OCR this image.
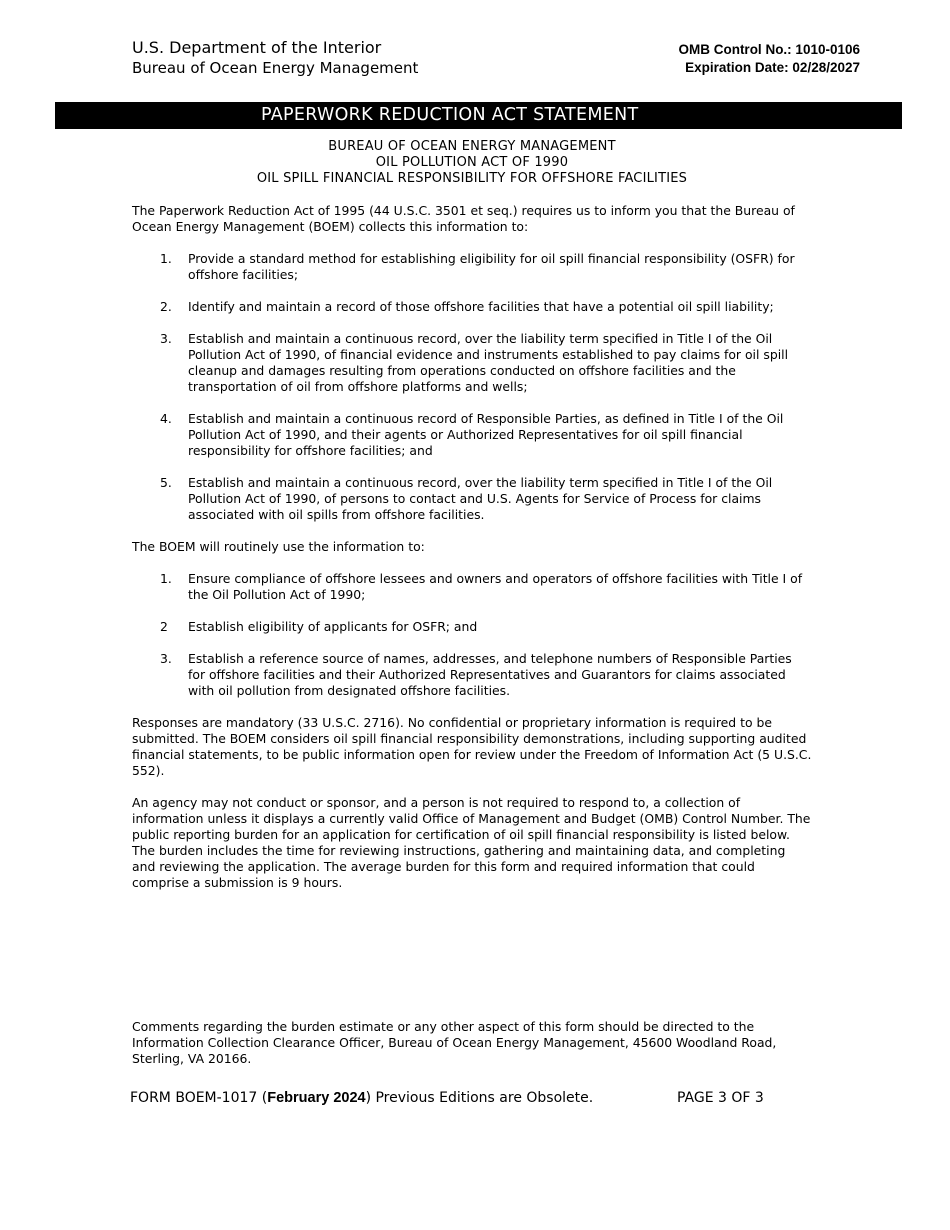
U.S. Department of the Interior
Bureau of Ocean Energy Management
OMB Control No.: 1010-0106
Expiration Date: 02/28/2027
PAPERWORK REDUCTION ACT STATEMENT
BUREAU OF OCEAN ENERGY MANAGEMENT
OIL POLLUTION ACT OF 1990
OIL SPILL FINANCIAL RESPONSIBILITY FOR OFFSHORE FACILITIES

The Paperwork Reduction Act of 1995 (44 U.S.C. 3501 et seq.) requires us to inform you that the Bureau of Ocean Energy Management (BOEM) collects this information to:

1. Provide a standard method for establishing eligibility for oil spill financial responsibility (OSFR) for offshore facilities;
2. Identify and maintain a record of those offshore facilities that have a potential oil spill liability;
3. Establish and maintain a continuous record, over the liability term specified in Title I of the Oil Pollution Act of 1990, of financial evidence and instruments established to pay claims for oil spill cleanup and damages resulting from operations conducted on offshore facilities and the transportation of oil from offshore platforms and wells;
4. Establish and maintain a continuous record of Responsible Parties, as defined in Title I of the Oil Pollution Act of 1990, and their agents or Authorized Representatives for oil spill financial responsibility for offshore facilities; and
5. Establish and maintain a continuous record, over the liability term specified in Title I of the Oil Pollution Act of 1990, of persons to contact and U.S. Agents for Service of Process for claims associated with oil spills from offshore facilities.

The BOEM will routinely use the information to:

1. Ensure compliance of offshore lessees and owners and operators of offshore facilities with Title I of the Oil Pollution Act of 1990;
2 Establish eligibility of applicants for OSFR; and
3. Establish a reference source of names, addresses, and telephone numbers of Responsible Parties for offshore facilities and their Authorized Representatives and Guarantors for claims associated with oil pollution from designated offshore facilities.

Responses are mandatory (33 U.S.C. 2716). No confidential or proprietary information is required to be submitted. The BOEM considers oil spill financial responsibility demonstrations, including supporting audited financial statements, to be public information open for review under the Freedom of Information Act (5 U.S.C. 552).

An agency may not conduct or sponsor, and a person is not required to respond to, a collection of information unless it displays a currently valid Office of Management and Budget (OMB) Control Number. The public reporting burden for an application for certification of oil spill financial responsibility is listed below. The burden includes the time for reviewing instructions, gathering and maintaining data, and completing and reviewing the application. The average burden for this form and required information that could comprise a submission is 9 hours.

Comments regarding the burden estimate or any other aspect of this form should be directed to the Information Collection Clearance Officer, Bureau of Ocean Energy Management, 45600 Woodland Road, Sterling, VA 20166.

FORM BOEM-1017 (February 2024) Previous Editions are Obsolete.	PAGE 3 OF 3
